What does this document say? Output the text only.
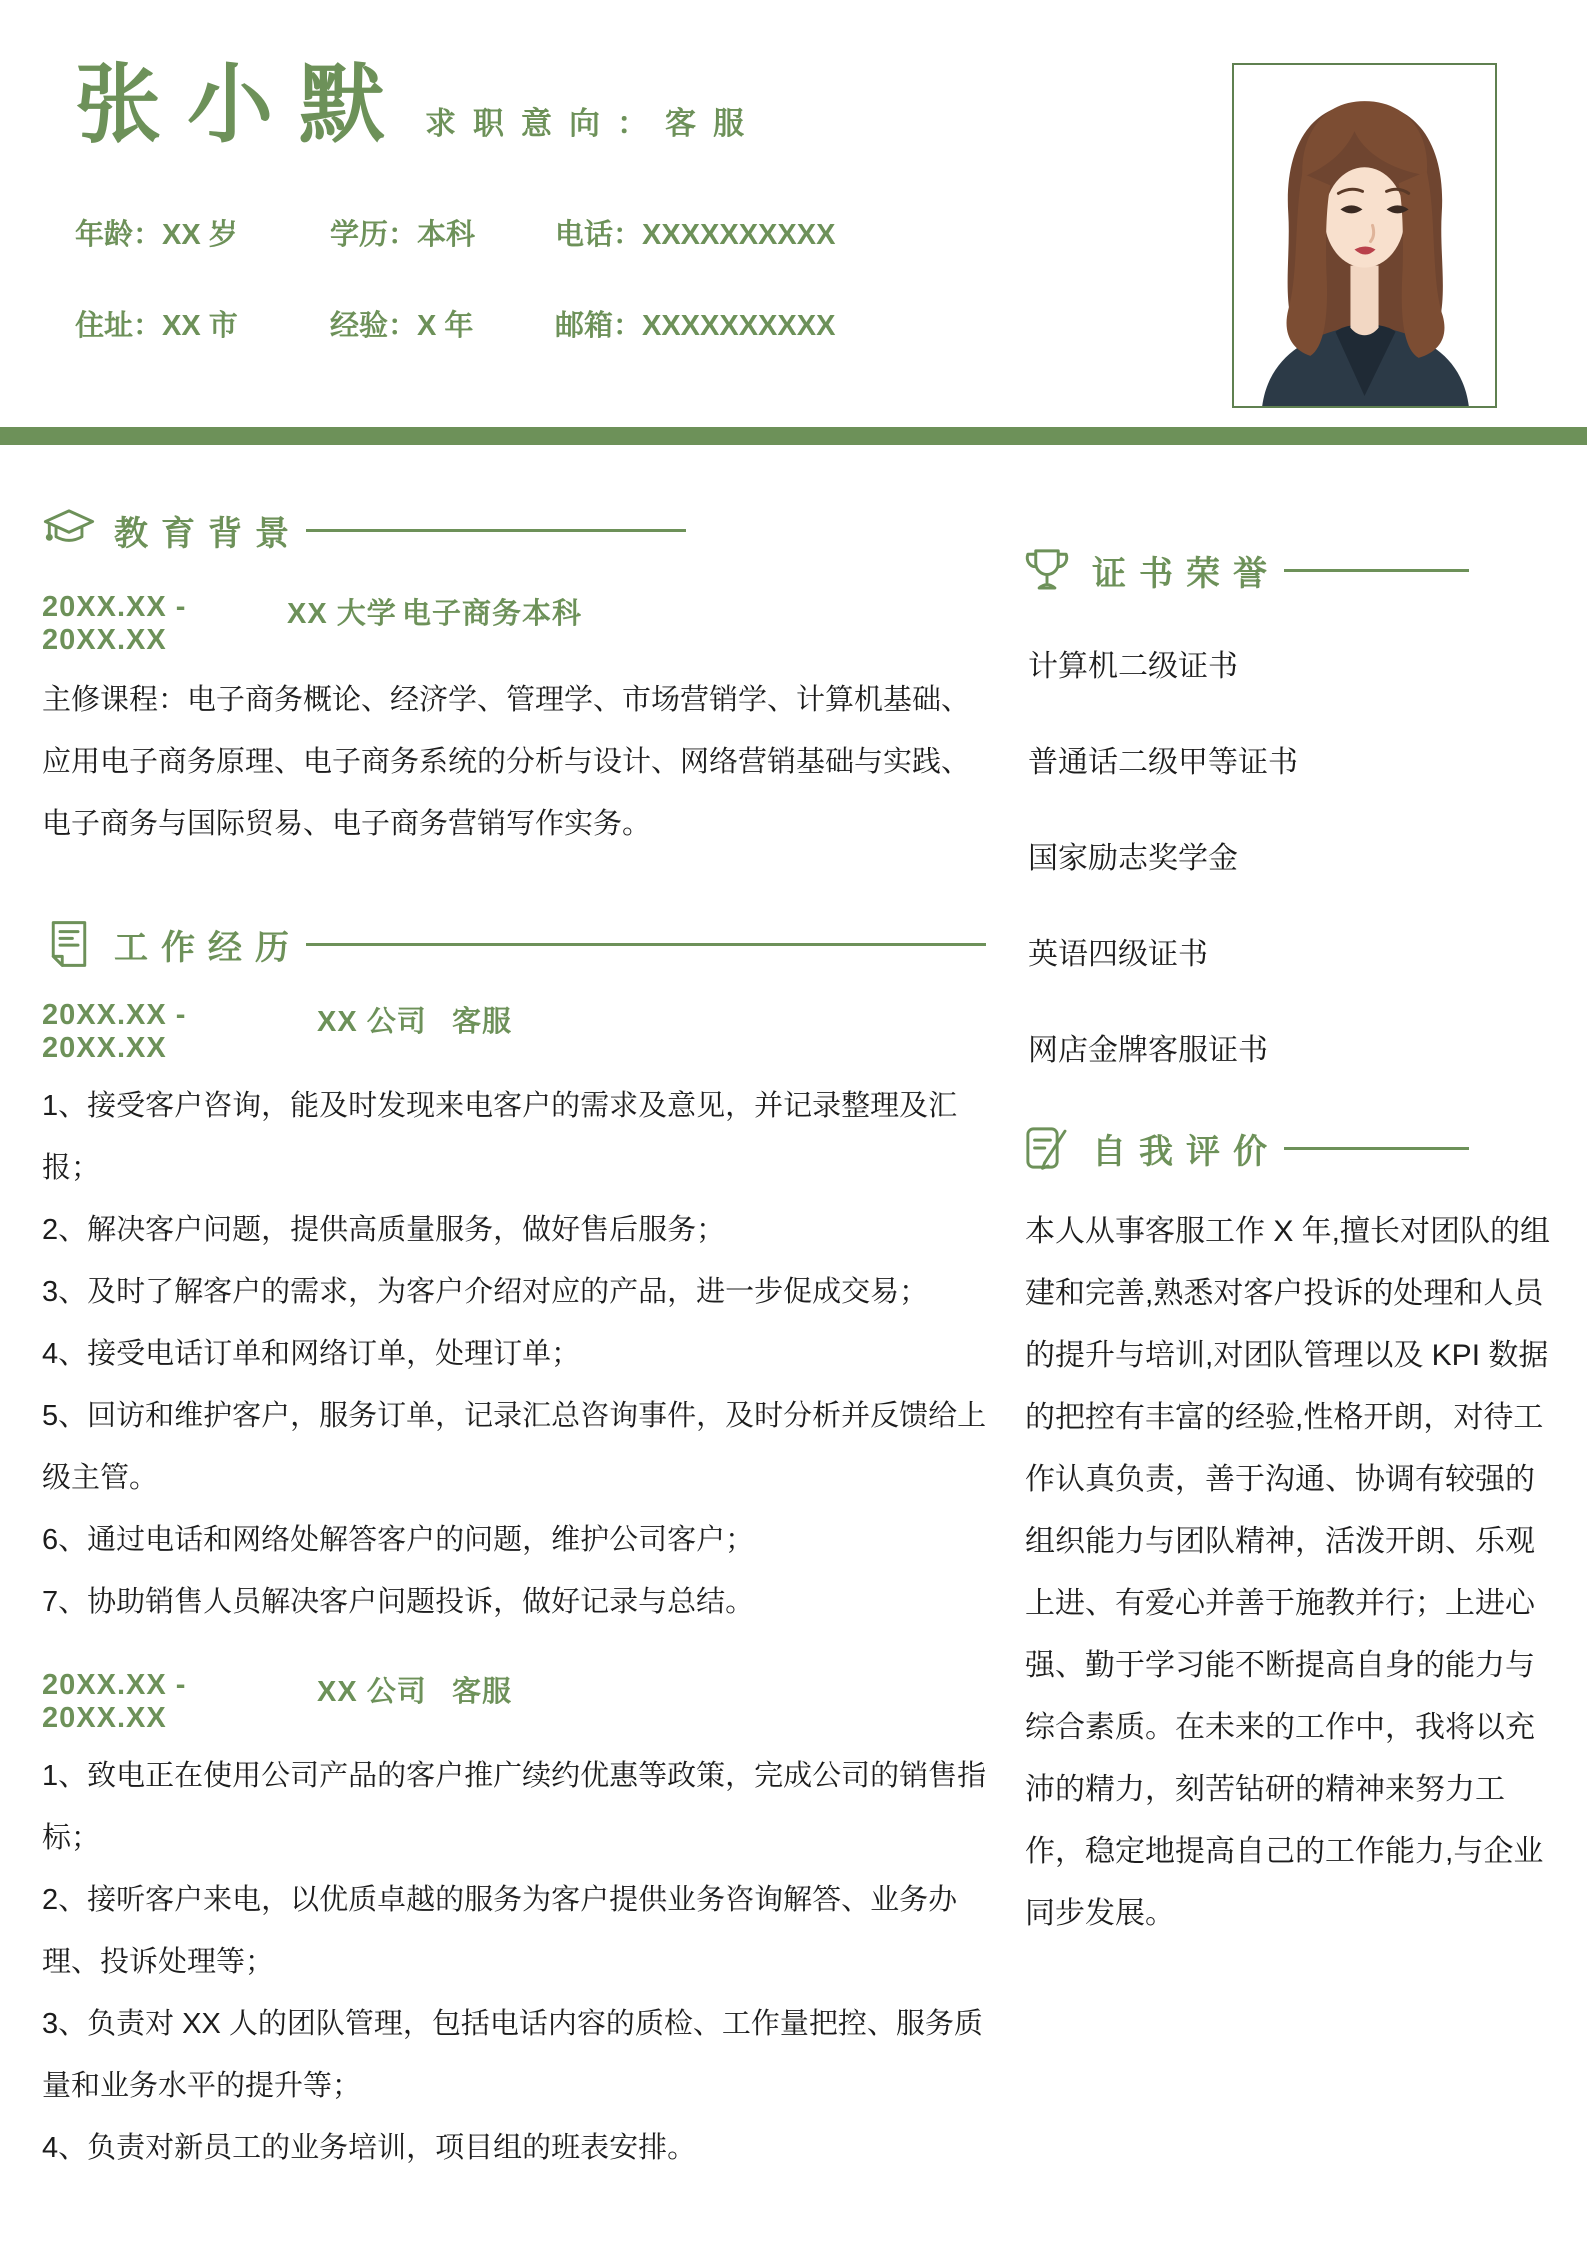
张小默 求职意向：客服
年龄：XX 岁	学历：本科	电话：XXXXXXXXXX
住址：XX 市	经验：X 年	邮箱：XXXXXXXXXX
教育背景
20XX.XX - 20XX.XX
XX 大学 电子商务 本科

主修课程：电子商务概论、经济学、管理学、市场营销学、计算机基础、应用电子商务原理、电子商务系统的分析与设计、网络营销基础与实践、电子商务与国际贸易、电子商务营销写作实务。

工作经历
20XX.XX - 20XX.XX
XX 公司 客服

1、接受客户咨询，能及时发现来电客户的需求及意见，并记录整理及汇报；

2、解决客户问题，提供高质量服务，做好售后服务；

3、及时了解客户的需求，为客户介绍对应的产品，进一步促成交易；

4、接受电话订单和网络订单，处理订单；

5、回访和维护客户，服务订单，记录汇总咨询事件，及时分析并反馈给上级主管。

6、通过电话和网络处解答客户的问题，维护公司客户；

7、协助销售人员解决客户问题投诉，做好记录与总结。

20XX.XX - 20XX.XX
XX 公司 客服

1、致电正在使用公司产品的客户推广续约优惠等政策，完成公司的销售指标；

2、接听客户来电，以优质卓越的服务为客户提供业务咨询解答、业务办理、投诉处理等；

3、负责对 XX 人的团队管理，包括电话内容的质检、工作量把控、服务质量和业务水平的提升等；

4、负责对新员工的业务培训，项目组的班表安排。

证书荣誉
计算机二级证书
普通话二级甲等证书
国家励志奖学金
英语四级证书
网店金牌客服证书
自我评价

本人从事客服工作 X 年,擅长对团队的组建和完善,熟悉对客户投诉的处理和人员的提升与培训,对团队管理以及 KPI 数据的把控有丰富的经验,性格开朗，对待工作认真负责，善于沟通、协调有较强的组织能力与团队精神，活泼开朗、乐观上进、有爱心并善于施教并行；上进心强、勤于学习能不断提高自身的能力与综合素质。在未来的工作中，我将以充沛的精力，刻苦钻研的精神来努力工作，稳定地提高自己的工作能力,与企业同步发展。
